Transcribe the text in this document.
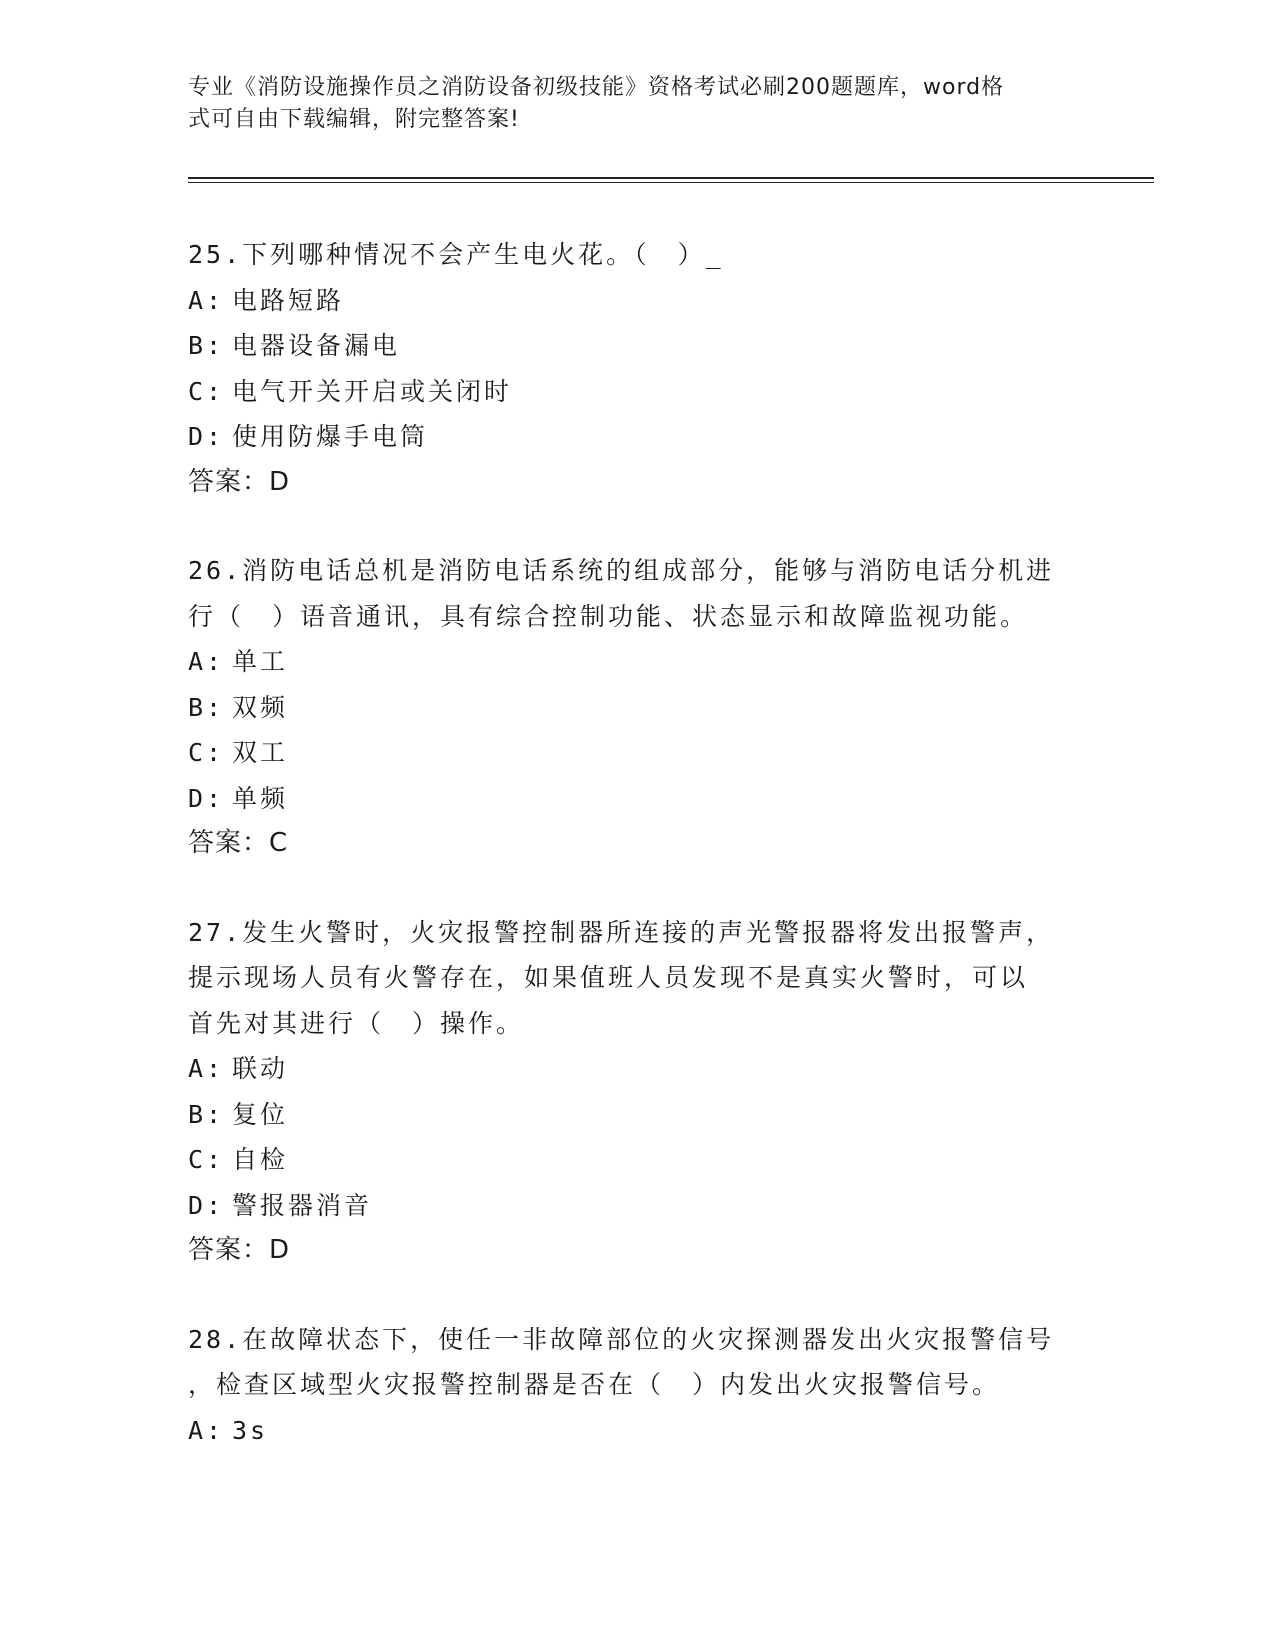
专业《消防设施操作员之消防设备初级技能》资格考试必刷200题题库，word格
式可自由下载编辑，附完整答案!

25.下列哪种情况不会产生电火花。（　）_

A: 电路短路

B: 电器设备漏电

C: 电气开关开启或关闭时

D: 使用防爆手电筒

答案：D

26.消防电话总机是消防电话系统的组成部分，能够与消防电话分机进

行（　）语音通讯，具有综合控制功能、状态显示和故障监视功能。

A: 单工

B: 双频

C: 双工

D: 单频

答案：C

27.发生火警时，火灾报警控制器所连接的声光警报器将发出报警声，

提示现场人员有火警存在，如果值班人员发现不是真实火警时，可以

首先对其进行（　）操作。

A: 联动

B: 复位

C: 自检

D: 警报器消音

答案：D

28.在故障状态下，使任一非故障部位的火灾探测器发出火灾报警信号

，检查区域型火灾报警控制器是否在（　）内发出火灾报警信号。

A: 3s
